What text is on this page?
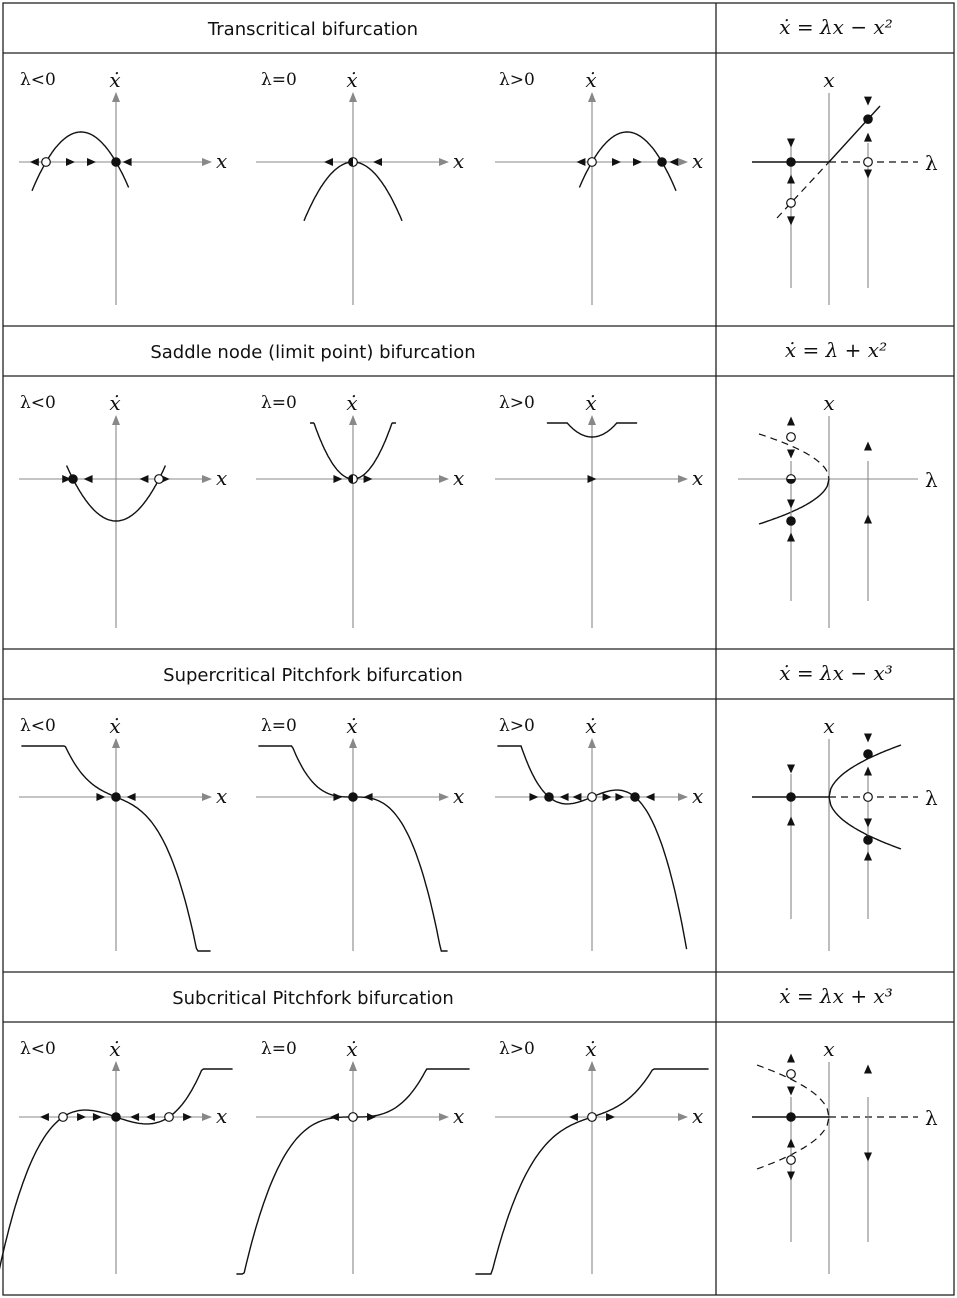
Transcritical bifurcation	ẋ = λx − x²
λ<0	ẋ
x
λ=0 ẋ
x
λ>0	ẋ
x
x
λ
Saddle node (limit point) bifurcation	ẋ = λ + x²
λ<0	ẋ
x
λ=0 ẋ
x
λ>0	ẋ
x
x
λ
Supercritical Pitchfork bifurcation	ẋ = λx − x³
λ<0	ẋ
x
λ=0 ẋ
x
λ>0	ẋ
x
x
λ
Subcritical Pitchfork bifurcation	ẋ = λx + x³
λ<0	ẋ
x
λ=0 ẋ
x
λ>0	ẋ
x
x
λ
